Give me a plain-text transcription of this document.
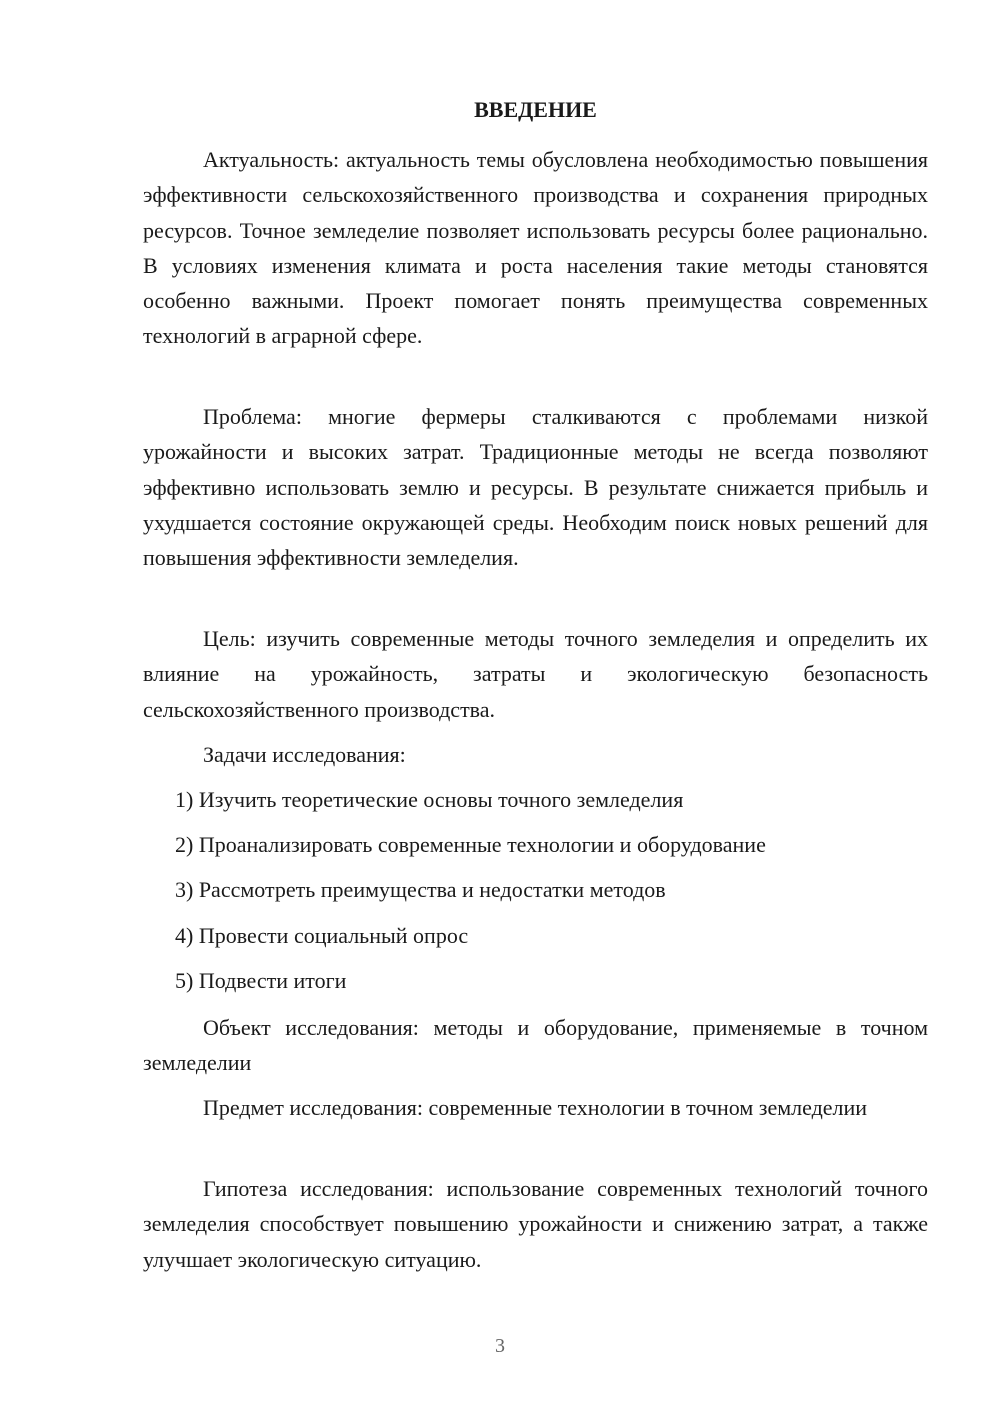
ВВЕДЕНИЕ

Актуальность: актуальность темы обусловлена необходимостью повышения эффективности сельскохозяйственного производства и сохранения природных ресурсов. Точное земледелие позволяет использовать ресурсы более рационально. В условиях изменения климата и роста населения такие методы становятся особенно важными. Проект помогает понять преимущества современных технологий в аграрной сфере.

Проблема: многие фермеры сталкиваются с проблемами низкой урожайности и высоких затрат. Традиционные методы не всегда позволяют эффективно использовать землю и ресурсы. В результате снижается прибыль и ухудшается состояние окружающей среды. Необходим поиск новых решений для повышения эффективности земледелия.

Цель: изучить современные методы точного земледелия и определить их влияние на урожайность, затраты и экологическую безопасность сельскохозяйственного производства.

Задачи исследования:

1) Изучить теоретические основы точного земледелия

2) Проанализировать современные технологии и оборудование

3) Рассмотреть преимущества и недостатки методов

4) Провести социальный опрос

5) Подвести итоги

Объект исследования: методы и оборудование, применяемые в точном земледелии

Предмет исследования: современные технологии в точном земледелии

Гипотеза исследования: использование современных технологий точного земледелия способствует повышению урожайности и снижению затрат, а также улучшает экологическую ситуацию.

3
